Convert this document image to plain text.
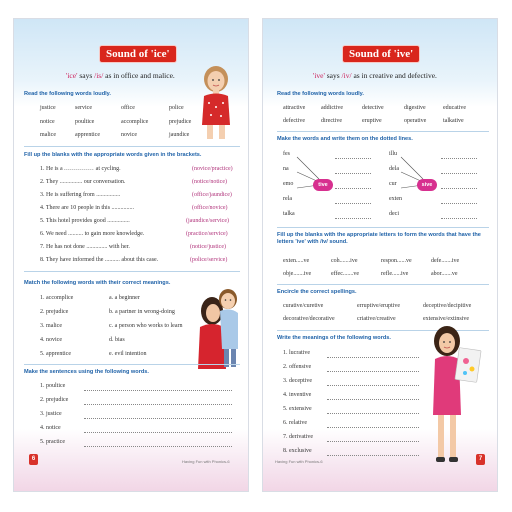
Sound of 'ice'
'ice' says /is/ as in office and malice.
Read the following words loudly.
justice	service	office	police
notice	poultice	accomplice	prejudice
malice	apprentice	novice	jaundice
Fill up the blanks with the appropriate words given in the brackets.
1. He is a ............... at cycling.	(novice/practice)
2. They ............... our conversation.	(notice/notice)
3. He is suffering from ................	(office/jaundice)
4. There are 10 people in this ...............	(office/novice)
5. This hotel provides good ...............	(jaundice/service)
6. We need .......... to gain more knowledge.	(practice/service)
7. He has not done .............. with her.	(notice/justice)
8. They have informed the .......... about this case.	(police/service)
Match the following words with their correct meanings.
1. accomplice	a. a beginner
2. prejudice	b. a partner in wrong-doing
3. malice	c. a person who works to learn
4. novice	d. bias
5. apprentice	e. evil intention
Make the sentences using the following words.
1. poultice
2. prejudice
3. justice
4. notice
5. practice
6	Having Fun with Phonics-6
Sound of 'ive'
'ive' says /iv/ as in creative and defective.
Read the following words loudly.
attractive	addictive	detective	digestive	educative
defective	directive	eruptive	operative	talkative
Make the words and write them on the dotted lines.
fes
na
emo
rela
talka
tive
illu
dela
cur
exten
deci
sive
Fill up the blanks with the appropriate letters to form the words that have the letters 'ive' with /iv/ sound.
exten.....ve	coh.......ive	respon......ve	defe.......ive
obje.......ive	effec.......ve	refle......ive	abor.......ve
Encircle the correct spellings.
curative/curetive	erruptive/eruptive	deceptive/decipitive
decorative/decorative	criative/creative	extensive/extinsive
Write the meanings of the following words.
1. lucrative
2. offensive
3. deceptive
4. inventive
5. extensive
6. relative
7. derivative
8. exclusive
7
Having Fun with Phonics-6
